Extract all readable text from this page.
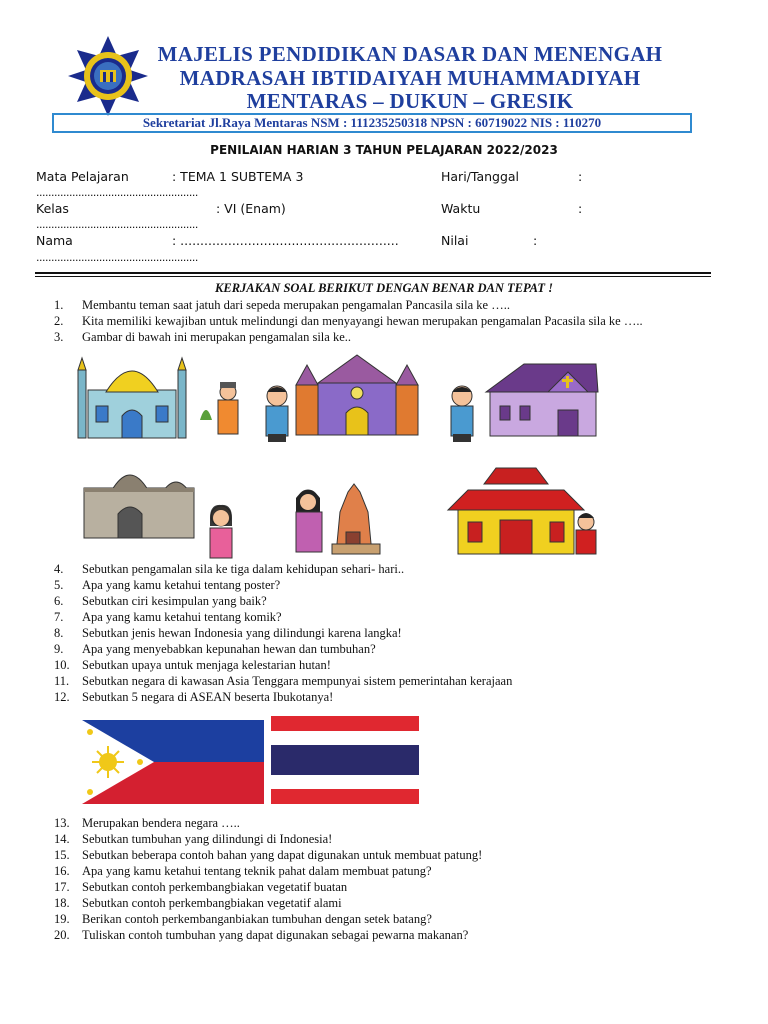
MAJELIS PENDIDIKAN DASAR DAN MENENGAH
MADRASAH IBTIDAIYAH MUHAMMADIYAH
MENTARAS – DUKUN – GRESIK
Sekretariat Jl.Raya Mentaras NSM : 111235250318 NPSN : 60719022 NIS : 110270
PENILAIAN HARIAN 3 TAHUN PELAJARAN 2022/2023
Mata Pelajaran	: TEMA 1 SUBTEMA 3	Hari/Tanggal	:
......................................................
Kelas	: VI (Enam)	Waktu	:
......................................................
Nama	: .......................................................	Nilai	:
......................................................
KERJAKAN SOAL BERIKUT DENGAN BENAR DAN TEPAT !
1.	Membantu teman saat jatuh dari sepeda merupakan pengamalan Pancasila sila ke …..
2.	Kita memiliki kewajiban untuk melindungi dan menyayangi hewan merupakan pengamalan Pacasila sila ke …..
3.	Gambar di bawah ini merupakan pengamalan sila ke..
4.	Sebutkan pengamalan sila ke tiga dalam kehidupan sehari- hari..
5.	Apa yang kamu ketahui tentang poster?
6.	Sebutkan ciri kesimpulan yang baik?
7.	Apa yang kamu ketahui tentang komik?
8.	Sebutkan jenis hewan Indonesia yang dilindungi karena langka!
9.	Apa yang menyebabkan kepunahan hewan dan tumbuhan?
10. Sebutkan upaya untuk menjaga kelestarian hutan!
11.	Sebutkan negara di kawasan Asia Tenggara mempunyai sistem pemerintahan kerajaan
12. Sebutkan 5 negara di ASEAN beserta Ibukotanya!
13. Merupakan bendera negara …..
14. Sebutkan tumbuhan yang dilindungi di Indonesia!
15. Sebutkan beberapa contoh bahan yang dapat digunakan untuk membuat patung!
16. Apa yang kamu ketahui tentang teknik pahat dalam membuat patung?
17. Sebutkan contoh perkembangbiakan vegetatif buatan
18. Sebutkan contoh perkembangbiakan vegetatif alami
19. Berikan contoh perkembanganbiakan tumbuhan dengan setek batang?
20. Tuliskan contoh tumbuhan yang dapat digunakan sebagai pewarna makanan?
